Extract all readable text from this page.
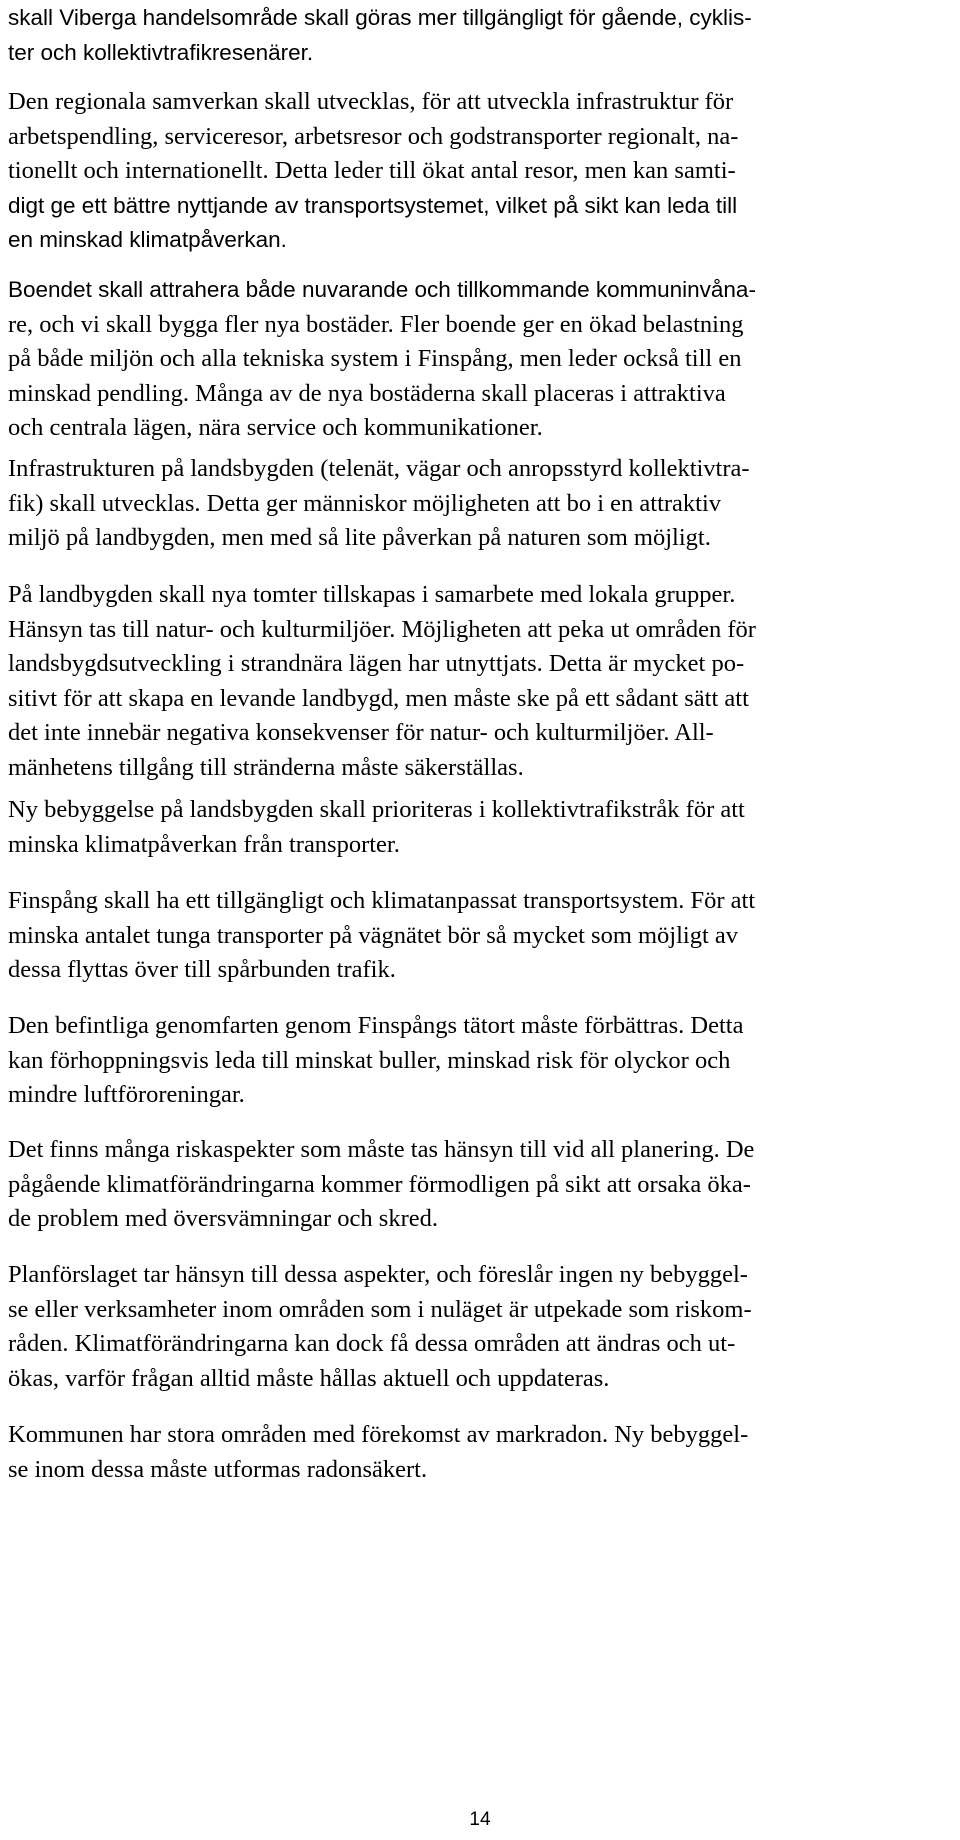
skall Viberga handelsområde skall göras mer tillgängligt för gående, cyklis-
ter och kollektivtrafikresenärer.

Den regionala samverkan skall utvecklas, för att utveckla infrastruktur för
arbetspendling, serviceresor, arbetsresor och godstransporter regionalt, na-
tionellt och internationellt. Detta leder till ökat antal resor, men kan samti-
digt ge ett bättre nyttjande av transportsystemet, vilket på sikt kan leda till
en minskad klimatpåverkan.

Boendet skall attrahera både nuvarande och tillkommande kommuninvåna-
re, och vi skall bygga fler nya bostäder. Fler boende ger en ökad belastning
på både miljön och alla tekniska system i Finspång, men leder också till en
minskad pendling. Många av de nya bostäderna skall placeras i attraktiva
och centrala lägen, nära service och kommunikationer.

Infrastrukturen på landsbygden (telenät, vägar och anropsstyrd kollektivtra-
fik) skall utvecklas. Detta ger människor möjligheten att bo i en attraktiv
miljö på landbygden, men med så lite påverkan på naturen som möjligt.

På landbygden skall nya tomter tillskapas i samarbete med lokala grupper.
Hänsyn tas till natur- och kulturmiljöer. Möjligheten att peka ut områden för
landsbygdsutveckling i strandnära lägen har utnyttjats. Detta är mycket po-
sitivt för att skapa en levande landbygd, men måste ske på ett sådant sätt att
det inte innebär negativa konsekvenser för natur- och kulturmiljöer. All-
mänhetens tillgång till stränderna måste säkerställas.

Ny bebyggelse på landsbygden skall prioriteras i kollektivtrafikstråk för att
minska klimatpåverkan från transporter.

Finspång skall ha ett tillgängligt och klimatanpassat transportsystem. För att
minska antalet tunga transporter på vägnätet bör så mycket som möjligt av
dessa flyttas över till spårbunden trafik.

Den befintliga genomfarten genom Finspångs tätort måste förbättras. Detta
kan förhoppningsvis leda till minskat buller, minskad risk för olyckor och
mindre luftföroreningar.

Det finns många riskaspekter som måste tas hänsyn till vid all planering. De
pågående klimatförändringarna kommer förmodligen på sikt att orsaka öka-
de problem med översvämningar och skred.

Planförslaget tar hänsyn till dessa aspekter, och föreslår ingen ny bebyggel-
se eller verksamheter inom områden som i nuläget är utpekade som riskom-
råden. Klimatförändringarna kan dock få dessa områden att ändras och ut-
ökas, varför frågan alltid måste hållas aktuell och uppdateras.

Kommunen har stora områden med förekomst av markradon. Ny bebyggel-
se inom dessa måste utformas radonsäkert.

14
